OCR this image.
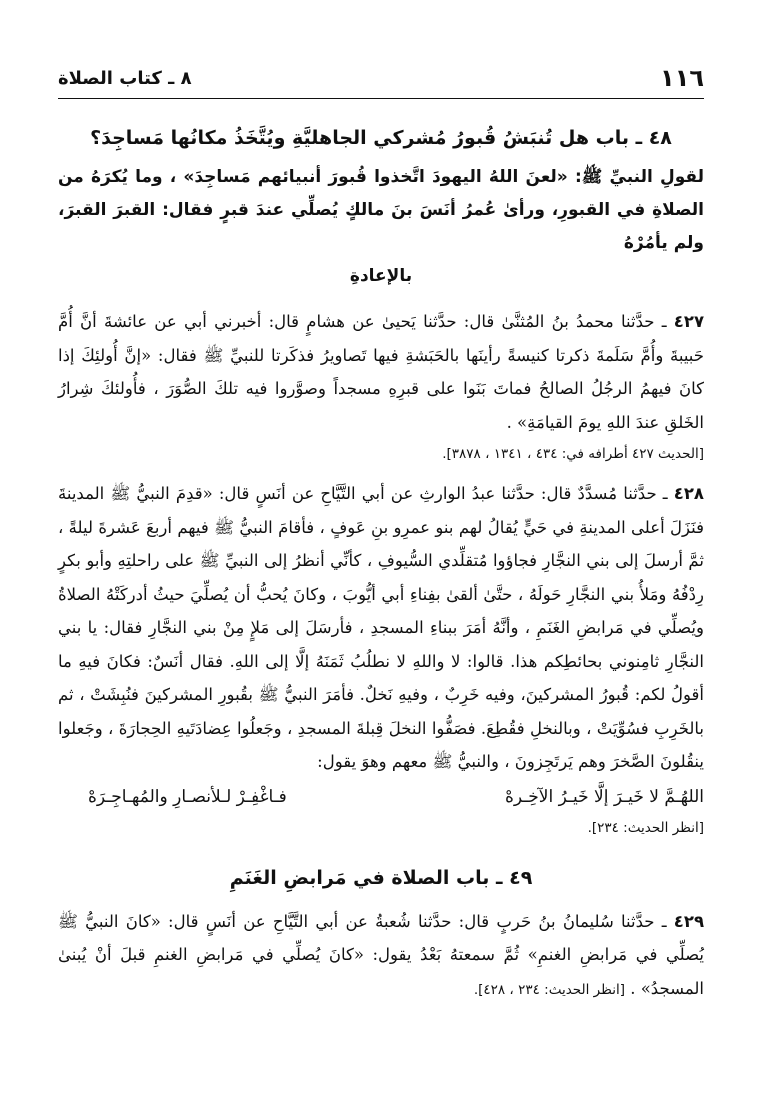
١١٦
٨ ـ كتاب الصلاة
٤٨ ـ باب هل تُنبَشُ قُبورُ مُشركي الجاهليَّةِ ويُتَّخَذُ مكانُها مَساجِدَ؟

لقولِ النبيِّ ﷺ: «لعنَ اللهُ اليهودَ اتَّخذوا قُبورَ أنبيائهم مَساجِدَ» ، وما يُكرَهُ من الصلاةِ في القبورِ، ورأىٰ عُمرُ أنَسَ بنَ مالكٍ يُصلِّي عندَ قبرٍ فقال: القبرَ القبرَ، ولم يأمُرْهُ
بالإعادةِ

٤٢٧ ـ حدَّثنا محمدُ بنُ المُثنَّىٰ قال: حدَّثنا يَحيىٰ عن هشامٍ قال: أخبرني أبي عن عائشةَ أنَّ أُمَّ حَبيبةَ وأُمَّ سَلَمةَ ذكرتا كنيسةً رأينَها بالحَبَشةِ فيها تَصاويرُ فذكَرتا للنبيِّ ﷺ فقال: «إنَّ أُولئِكَ إذا كانَ فيهمُ الرجُلُ الصالحُ فماتَ بَنَوا على قبرِهِ مسجداً وصوَّروا فيه تلكَ الصُّوَرَ ، فأُولئكَ شِرارُ الخَلقِ عندَ اللهِ يومَ القيامَةِ» .

[الحديث ٤٢٧ أطرافه في: ٤٣٤ ، ١٣٤١ ، ٣٨٧٨].

٤٢٨ ـ حدَّثنا مُسدَّدٌ قال: حدَّثنا عبدُ الوارثِ عن أبي التَّيَّاحِ عن أنَسٍ قال: «قدِمَ النبيُّ ﷺ المدينةَ فنَزَلَ أعلى المدينةِ في حَيٍّ يُقالُ لهم بنو عمرِو بنِ عَوفٍ ، فأقامَ النبيُّ ﷺ فيهم أربعَ عَشرةَ ليلةً ، ثمَّ أرسلَ إلى بني النجَّارِ فجاؤوا مُتقلِّدي السُّيوفِ ، كأنِّي أنظرُ إلى النبيِّ ﷺ على راحلتِهِ وأبو بكرٍ رِدْفُهُ ومَلأُ بني النجَّارِ حَولَهُ ، حتَّىٰ ألقىٰ بفِناءِ أبي أيُّوبَ ، وكانَ يُحبُّ أن يُصلِّيَ حيثُ أدركَتْهُ الصلاةُ ويُصلِّي في مَرابضِ الغَنَمِ ، وأنَّهُ أمَرَ ببناءِ المسجدِ ، فأرسَلَ إلى مَلإٍ مِنْ بني النجَّارِ فقال: يا بني النجَّارِ ثامِنوني بحائطِكم هذا. قالوا: لا واللهِ لا نطلُبُ ثَمَنَهُ إلَّا إلى اللهِ. فقال أنَسٌ: فكانَ فيهِ ما أقولُ لكم: قُبورُ المشركينَ، وفيه خَرِبٌ ، وفيهِ نَخلٌ. فأمَرَ النبيُّ ﷺ بقُبورِ المشركينَ فنُبِشَتْ ، ثم بالخَرِبِ فسُوِّيَتْ ، وبالنخلِ فقُطِعَ. فصَفُّوا النخلَ قِبلةَ المسجدِ ، وجَعلُوا عِضادَتَيهِ الحِجارَةَ ، وجَعلوا ينقُلونَ الصَّخرَ وهم يَرتَجِزونَ ، والنبيُّ ﷺ معهم وهوَ يقول:

اللهُـمَّ لا خَيـرَ إلَّا خَيـرُ الآخِـرهْ
فـاغْفِـرْ لـلأنصـارِ والمُهـاجِـرَهْ
[انظر الحديث: ٢٣٤].
٤٩ ـ باب الصلاة في مَرابضِ الغَنَمِ

٤٢٩ ـ حدَّثنا سُليمانُ بنُ حَربٍ قال: حدَّثنا شُعبةُ عن أبي التَّيَّاحِ عن أنَسٍ قال: «كانَ النبيُّ ﷺ يُصلِّي في مَرابضِ الغنمِ» ثُمَّ سمعتهُ بَعْدُ يقول: «كانَ يُصلِّي في مَرابضِ الغنمِ قبلَ أنْ يُبنىٰ المسجدُ» . [انظر الحديث: ٢٣٤ ، ٤٢٨].
